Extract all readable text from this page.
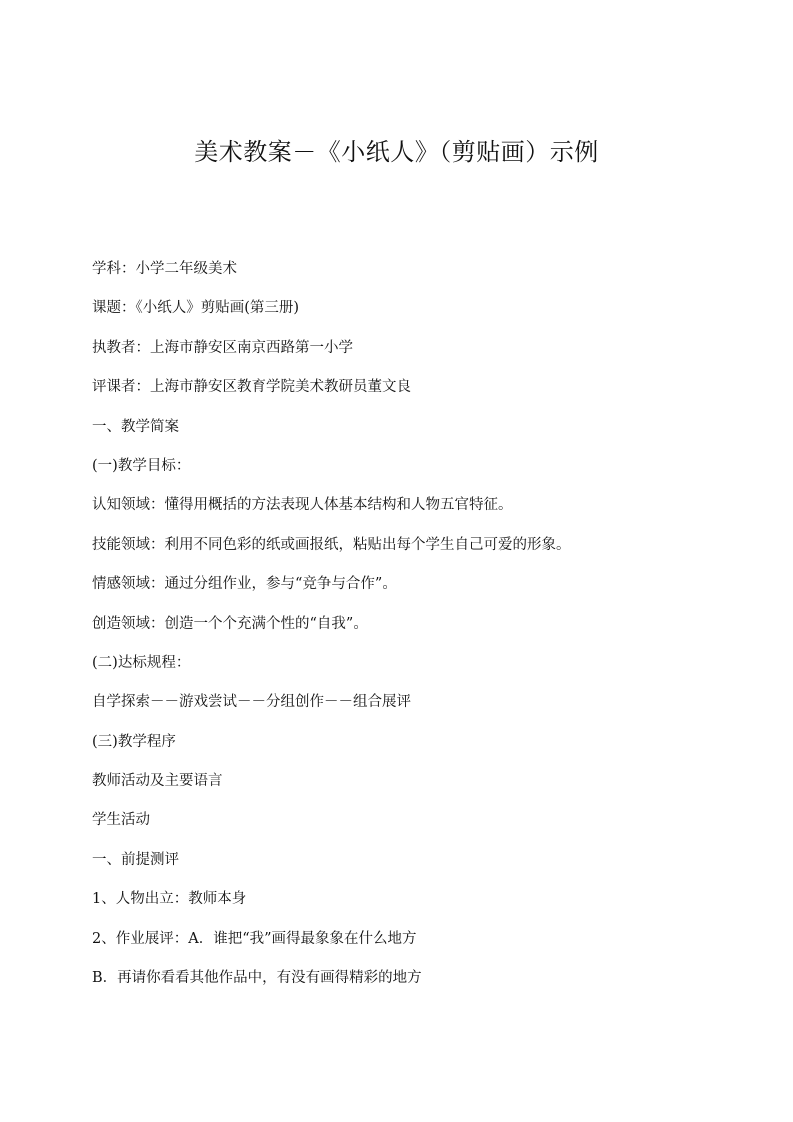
美术教案－《小纸人》（剪贴画）示例
学科：小学二年级美术
课题：《小纸人》剪贴画(第三册)
执教者：上海市静安区南京西路第一小学
评课者：上海市静安区教育学院美术教研员董文良
一、教学简案
(一)教学目标：
认知领域：懂得用概括的方法表现人体基本结构和人物五官特征。
技能领域：利用不同色彩的纸或画报纸，粘贴出每个学生自己可爱的形象。
情感领域：通过分组作业，参与“竞争与合作”。
创造领域：创造一个个充满个性的“自我”。
(二)达标规程：
自学探索－－游戏尝试－－分组创作－－组合展评
(三)教学程序
教师活动及主要语言
学生活动
一、前提测评
1、人物出立：教师本身
2、作业展评：A．谁把“我”画得最象象在什么地方
B．再请你看看其他作品中，有没有画得精彩的地方
